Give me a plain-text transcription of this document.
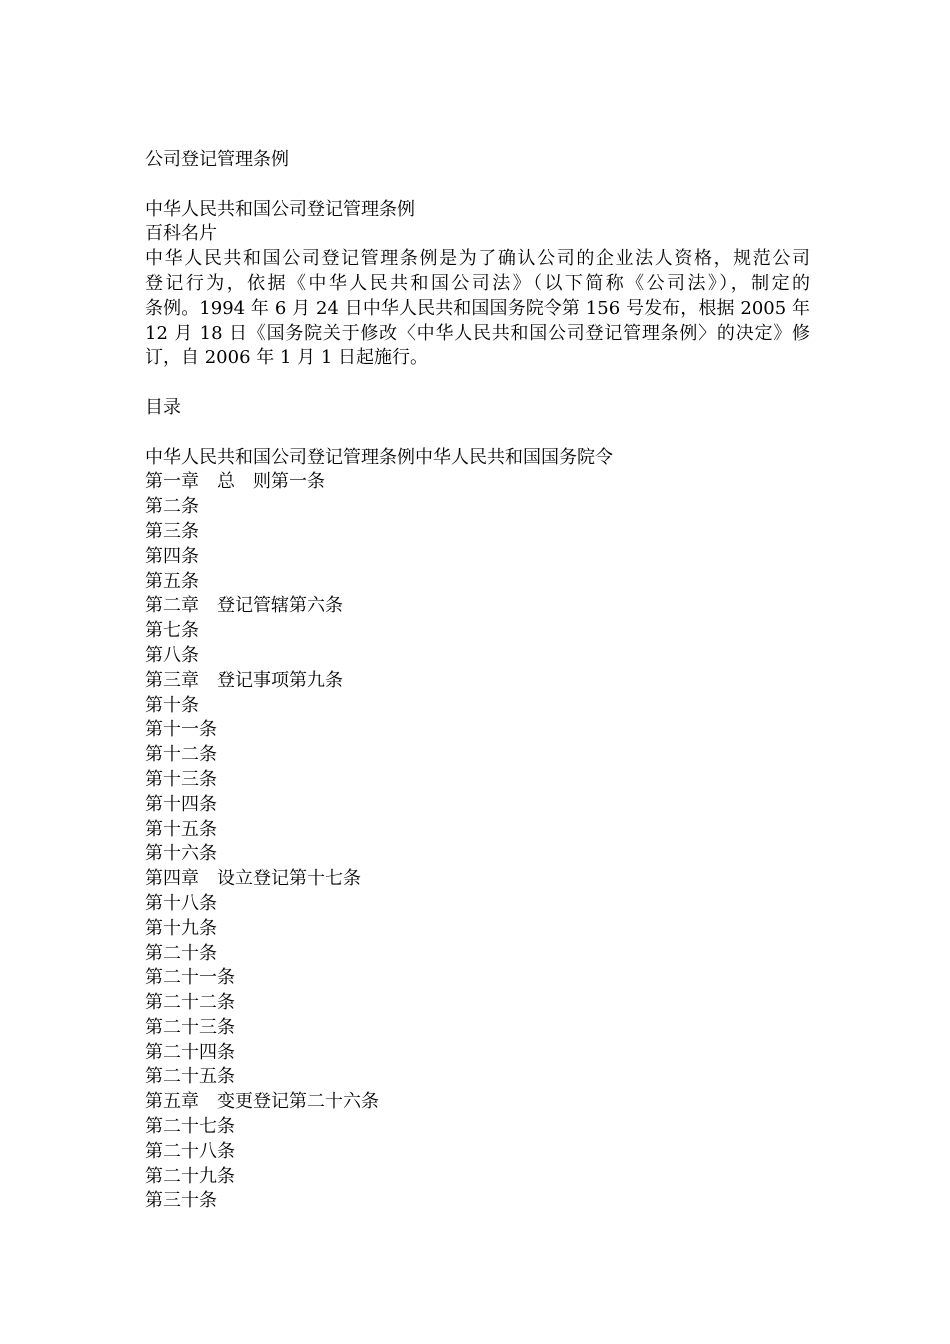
公司登记管理条例
中华人民共和国公司登记管理条例
百科名片
中华人民共和国公司登记管理条例是为了确认公司的企业法人资格，规范公司
登记行为，依据《中华人民共和国公司法》（以下简称《公司法》），制定的
条例。1994 年 6 月 24 日中华人民共和国国务院令第 156 号发布，根据 2005 年
12 月 18 日《国务院关于修改〈中华人民共和国公司登记管理条例〉的决定》修
订，自 2006 年 1 月 1 日起施行。
目录
中华人民共和国公司登记管理条例中华人民共和国国务院令
第一章　总　则第一条
第二条
第三条
第四条
第五条
第二章　登记管辖第六条
第七条
第八条
第三章　登记事项第九条
第十条
第十一条
第十二条
第十三条
第十四条
第十五条
第十六条
第四章　设立登记第十七条
第十八条
第十九条
第二十条
第二十一条
第二十二条
第二十三条
第二十四条
第二十五条
第五章　变更登记第二十六条
第二十七条
第二十八条
第二十九条
第三十条
